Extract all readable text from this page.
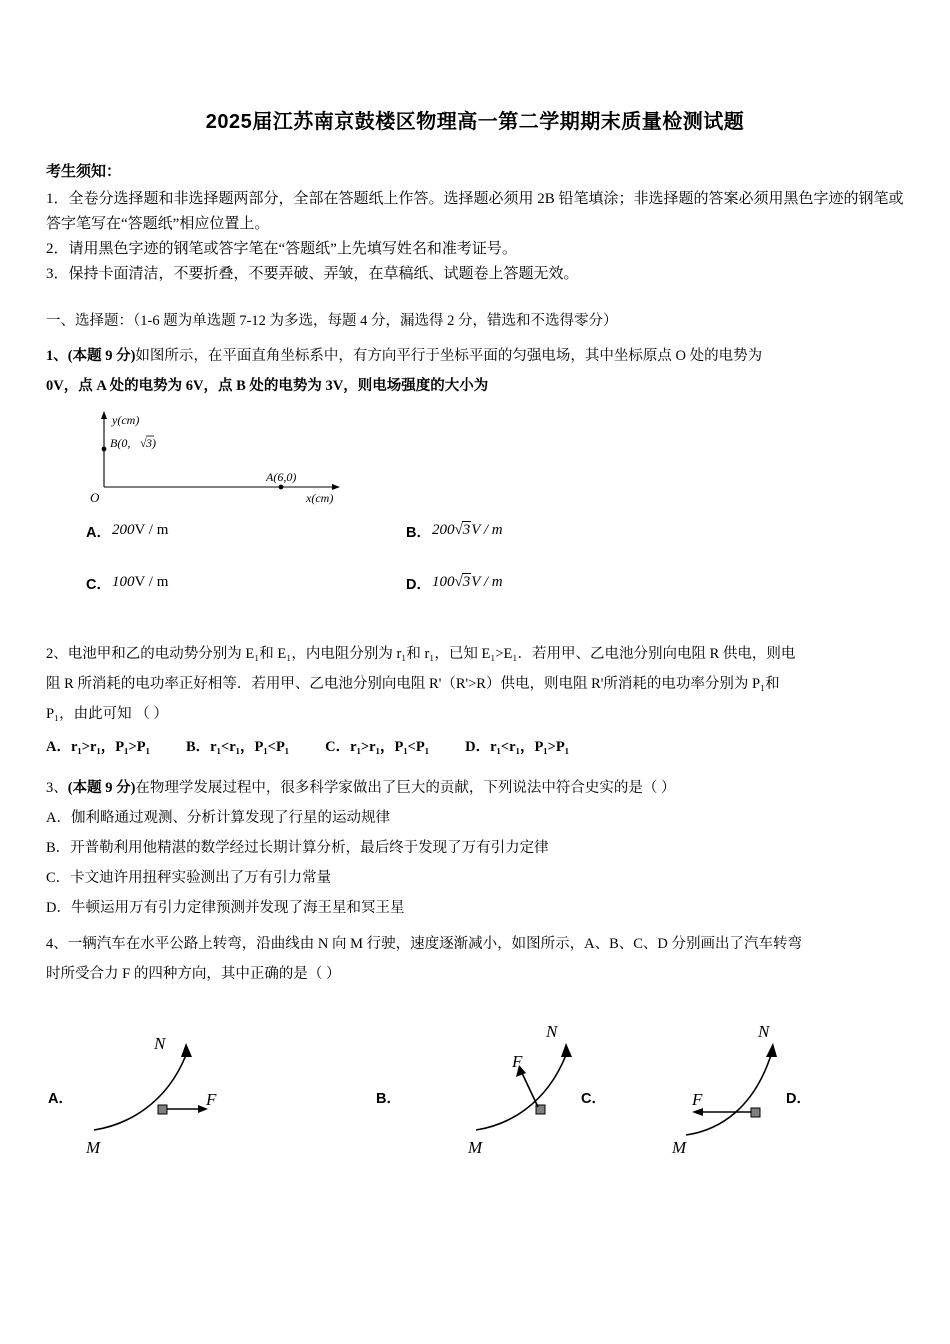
2025届江苏南京鼓楼区物理高一第二学期期末质量检测试题
考生须知：

1．全卷分选择题和非选择题两部分，全部在答题纸上作答。选择题必须用 2B 铅笔填涂；非选择题的答案必须用黑色字迹的钢笔或答字笔写在“答题纸”相应位置上。

2．请用黑色字迹的钢笔或答字笔在“答题纸”上先填写姓名和准考证号。

3．保持卡面清洁，不要折叠，不要弄破、弄皱，在草稿纸、试题卷上答题无效。

一、选择题：（1-6 题为单选题 7-12 为多选，每题 4 分，漏选得 2 分，错选和不选得零分）

1、(本题 9 分)如图所示，在平面直角坐标系中，有方向平行于坐标平面的匀强电场，其中坐标原点 O 处的电势为

0V，点 A 处的电势为 6V，点 B 处的电势为 3V，则电场强度的大小为

y(cm)
x(cm)
O
B(0, √ 3)
A(6,0)
A． 200V / m	B． 200√3V / m
C． 100V / m	D． 100√3V / m

2、电池甲和乙的电动势分别为 E₁和 E₁，内电阻分别为 r₁和 r₁，已知 E₁>E₁．若用甲、乙电池分别向电阻 R 供电，则电

阻 R 所消耗的电功率正好相等．若用甲、乙电池分别向电阻 R'（R'>R）供电，则电阻 R'所消耗的电功率分别为 P₁和

P₁，由此可知 （ ）

A．r₁>r₁，P₁>P₁ B．r₁<r₁，P₁<P₁ C．r₁>r₁，P₁<P₁ D．r₁<r₁，P₁>P₁

3、(本题 9 分)在物理学发展过程中，很多科学家做出了巨大的贡献，下列说法中符合史实的是（ ）

A．伽利略通过观测、分析计算发现了行星的运动规律

B．开普勒利用他精湛的数学经过长期计算分析，最后终于发现了万有引力定律

C．卡文迪许用扭秤实验测出了万有引力常量

D．牛顿运用万有引力定律预测并发现了海王星和冥王星

4、一辆汽车在水平公路上转弯，沿曲线由 N 向 M 行驶，速度逐渐减小，如图所示，A、B、C、D 分别画出了汽车转弯

时所受合力 F 的四种方向，其中正确的是（ ）

A．	B．	C．	D．
N
M
F
N
M
F
N
M
F
